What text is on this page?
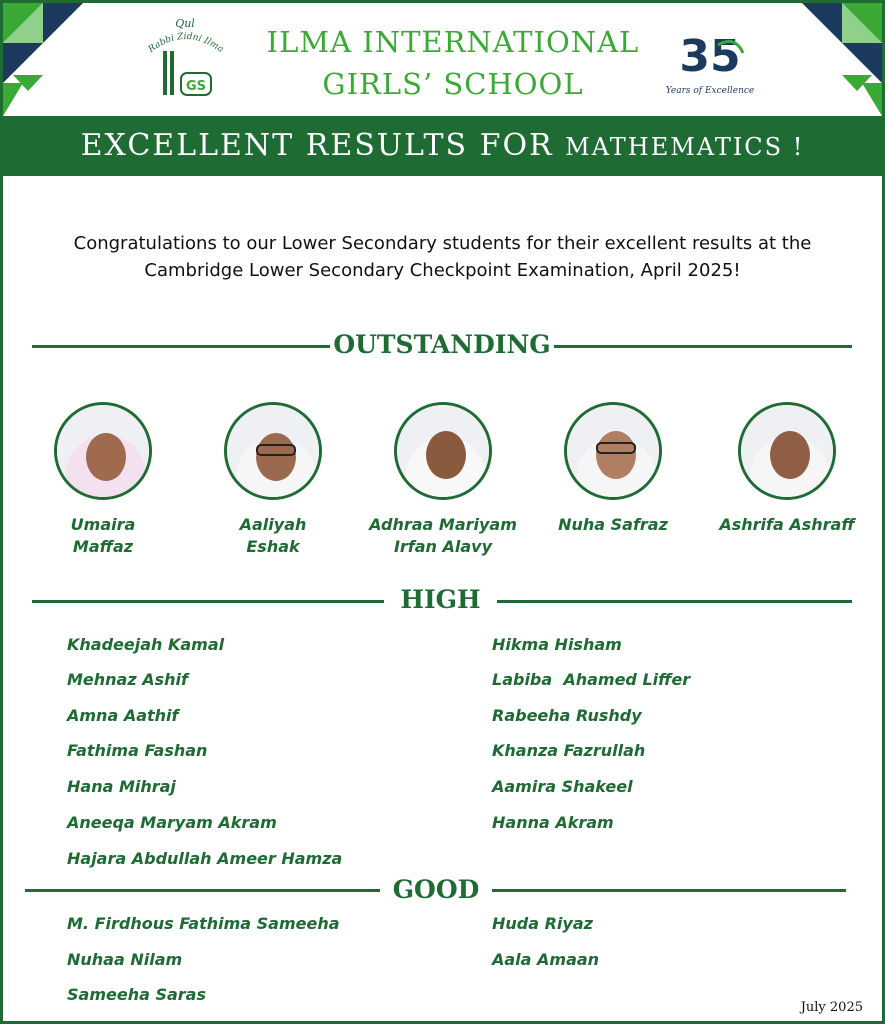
Qul
Rabbi Zidni Ilma
GS
ILMA INTERNATIONAL
GIRLS’ SCHOOL
35
Years of Excellence
EXCELLENT RESULTS FOR MATHEMATICS !
Congratulations to our Lower Secondary students for their excellent results at the
Cambridge Lower Secondary Checkpoint Examination, April 2025!
OUTSTANDING
Umaira
Maffaz
Aaliyah
Eshak
Adhraa Mariyam
Irfan Alavy
Nuha Safraz	Ashrifa Ashraff
HIGH
Khadeejah Kamal
Mehnaz Ashif
Amna Aathif
Fathima Fashan
Hana Mihraj
Aneeqa Maryam Akram
Hajara Abdullah Ameer Hamza
Hikma Hisham
Labiba  Ahamed Liffer
Rabeeha Rushdy
Khanza Fazrullah
Aamira Shakeel
Hanna Akram
GOOD
M. Firdhous Fathima Sameeha
Nuhaa Nilam
Sameeha Saras
Huda Riyaz
Aala Amaan
July 2025
